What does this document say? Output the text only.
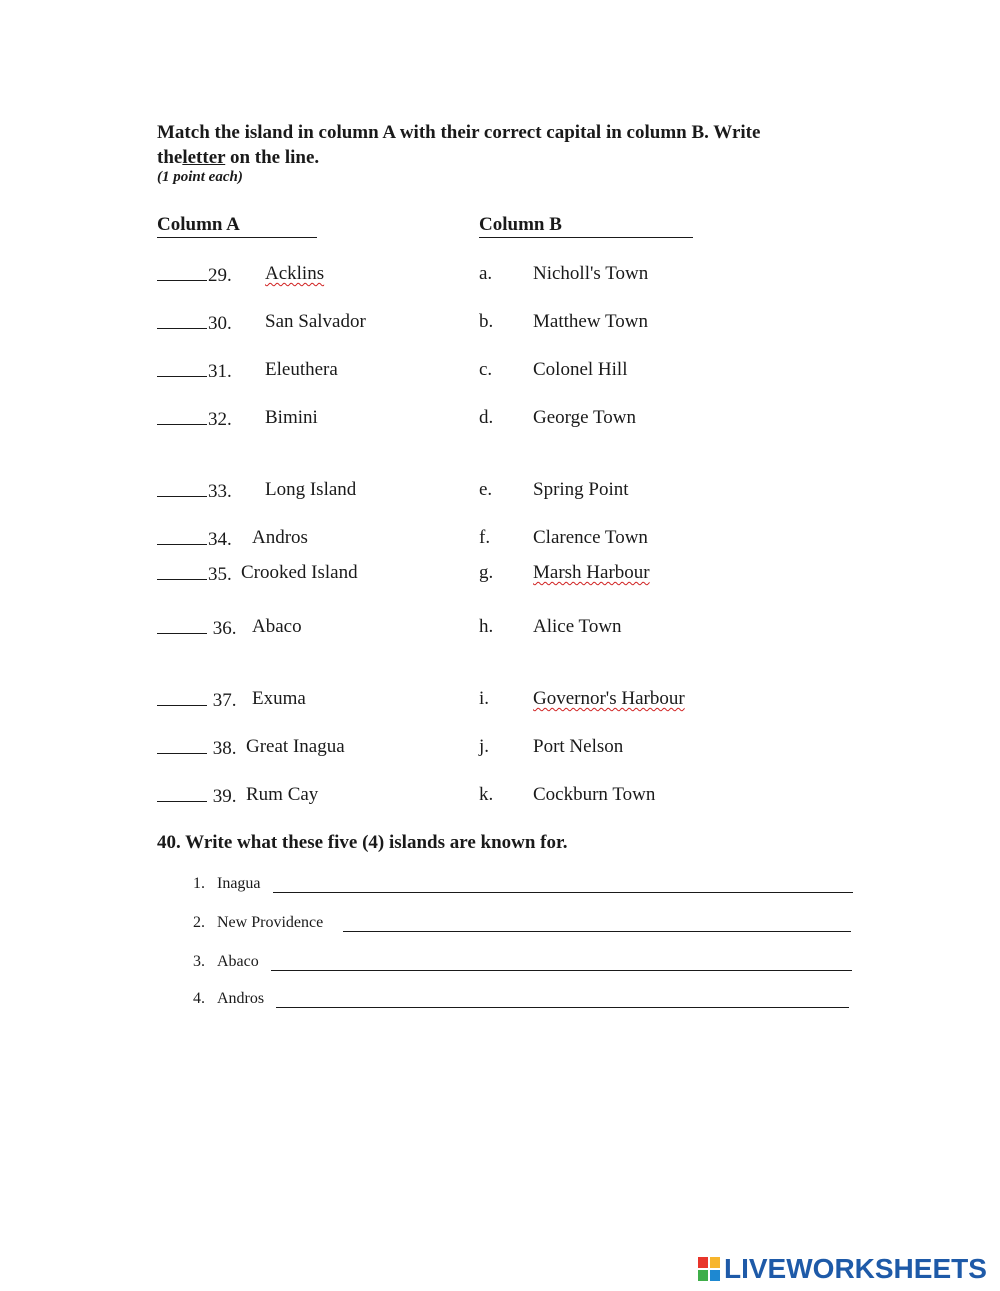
Match the island in column A with their correct capital in column B. Write
theletter on the line.
(1 point each)
Column A	Column B
29. Acklins	a. Nicholl's Town
30. San Salvador	b. Matthew Town
31. Eleuthera	c. Colonel Hill
32. Bimini	d. George Town
33. Long Island	e. Spring Point
34. Andros	f. Clarence Town
35. Crooked Island	g. Marsh Harbour
36. Abaco	h. Alice Town
37. Exuma	i. Governor's Harbour
38. Great Inagua	j. Port Nelson
39. Rum Cay	k. Cockburn Town
40. Write what these five (4) islands are known for.
1. Inagua
2. New Providence
3. Abaco
4. Andros
LIVEWORKSHEETS
